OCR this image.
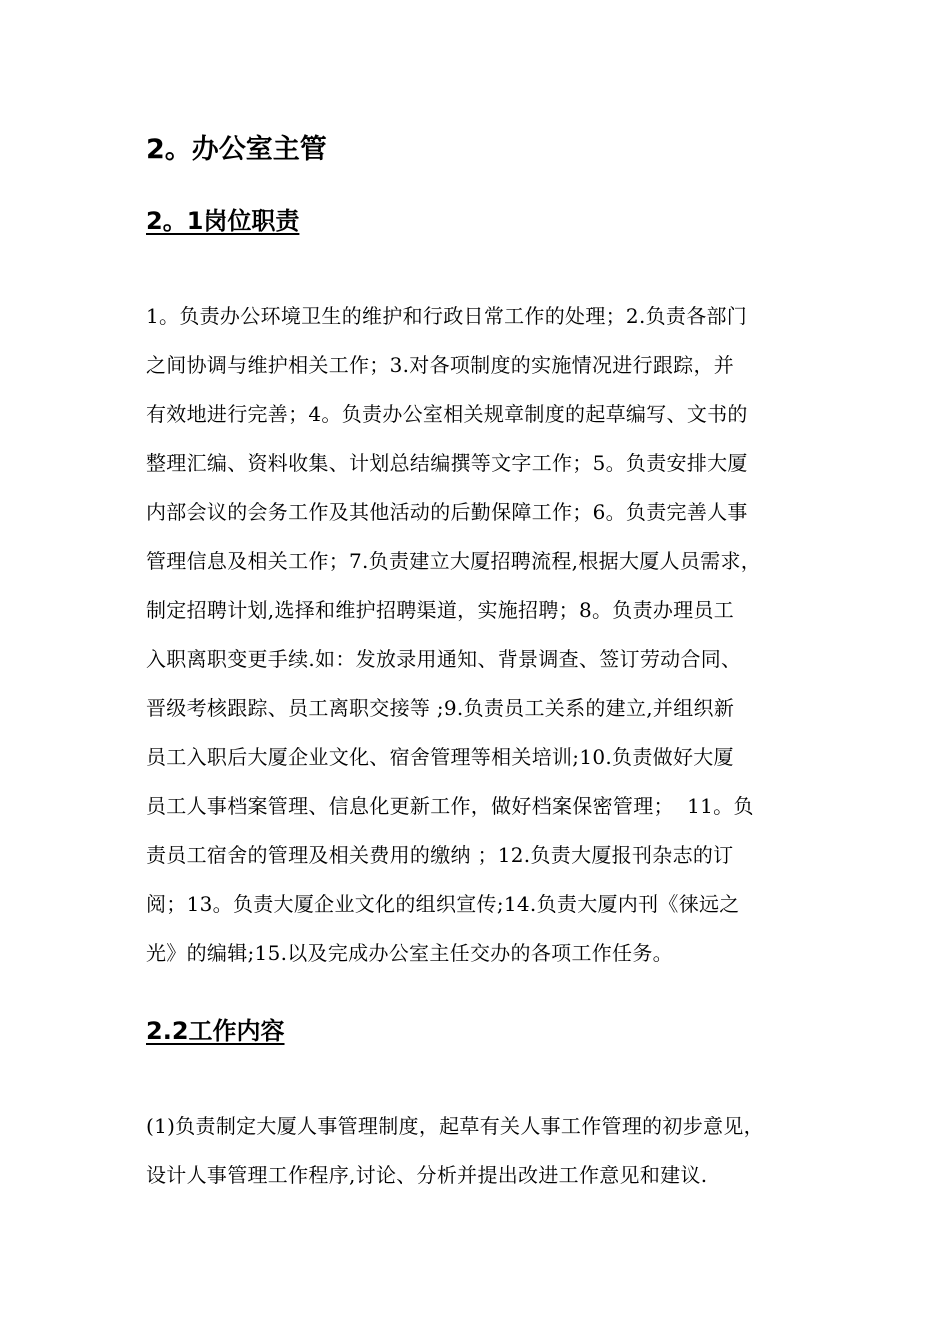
2。办公室主管
2。1岗位职责

1。负责办公环境卫生的维护和行政日常工作的处理；2.负责各部门

之间协调与维护相关工作；3.对各项制度的实施情况进行跟踪，并

有效地进行完善；4。负责办公室相关规章制度的起草编写、文书的

整理汇编、资料收集、计划总结编撰等文字工作；5。负责安排大厦

内部会议的会务工作及其他活动的后勤保障工作；6。负责完善人事

管理信息及相关工作；7.负责建立大厦招聘流程,根据大厦人员需求，

制定招聘计划,选择和维护招聘渠道，实施招聘；8。负责办理员工

入职离职变更手续.如：发放录用通知、背景调查、签订劳动合同、

晋级考核跟踪、员工离职交接等 ;9.负责员工关系的建立,并组织新

员工入职后大厦企业文化、宿舍管理等相关培训;10.负责做好大厦

员工人事档案管理、信息化更新工作，做好档案保密管理；  11。负

责员工宿舍的管理及相关费用的缴纳 ；12.负责大厦报刊杂志的订

阅；13。负责大厦企业文化的组织宣传;14.负责大厦内刊《徕远之

光》的编辑;15.以及完成办公室主任交办的各项工作任务。

2.2工作内容

(1)负责制定大厦人事管理制度，起草有关人事工作管理的初步意见，

设计人事管理工作程序,讨论、分析并提出改进工作意见和建议.
